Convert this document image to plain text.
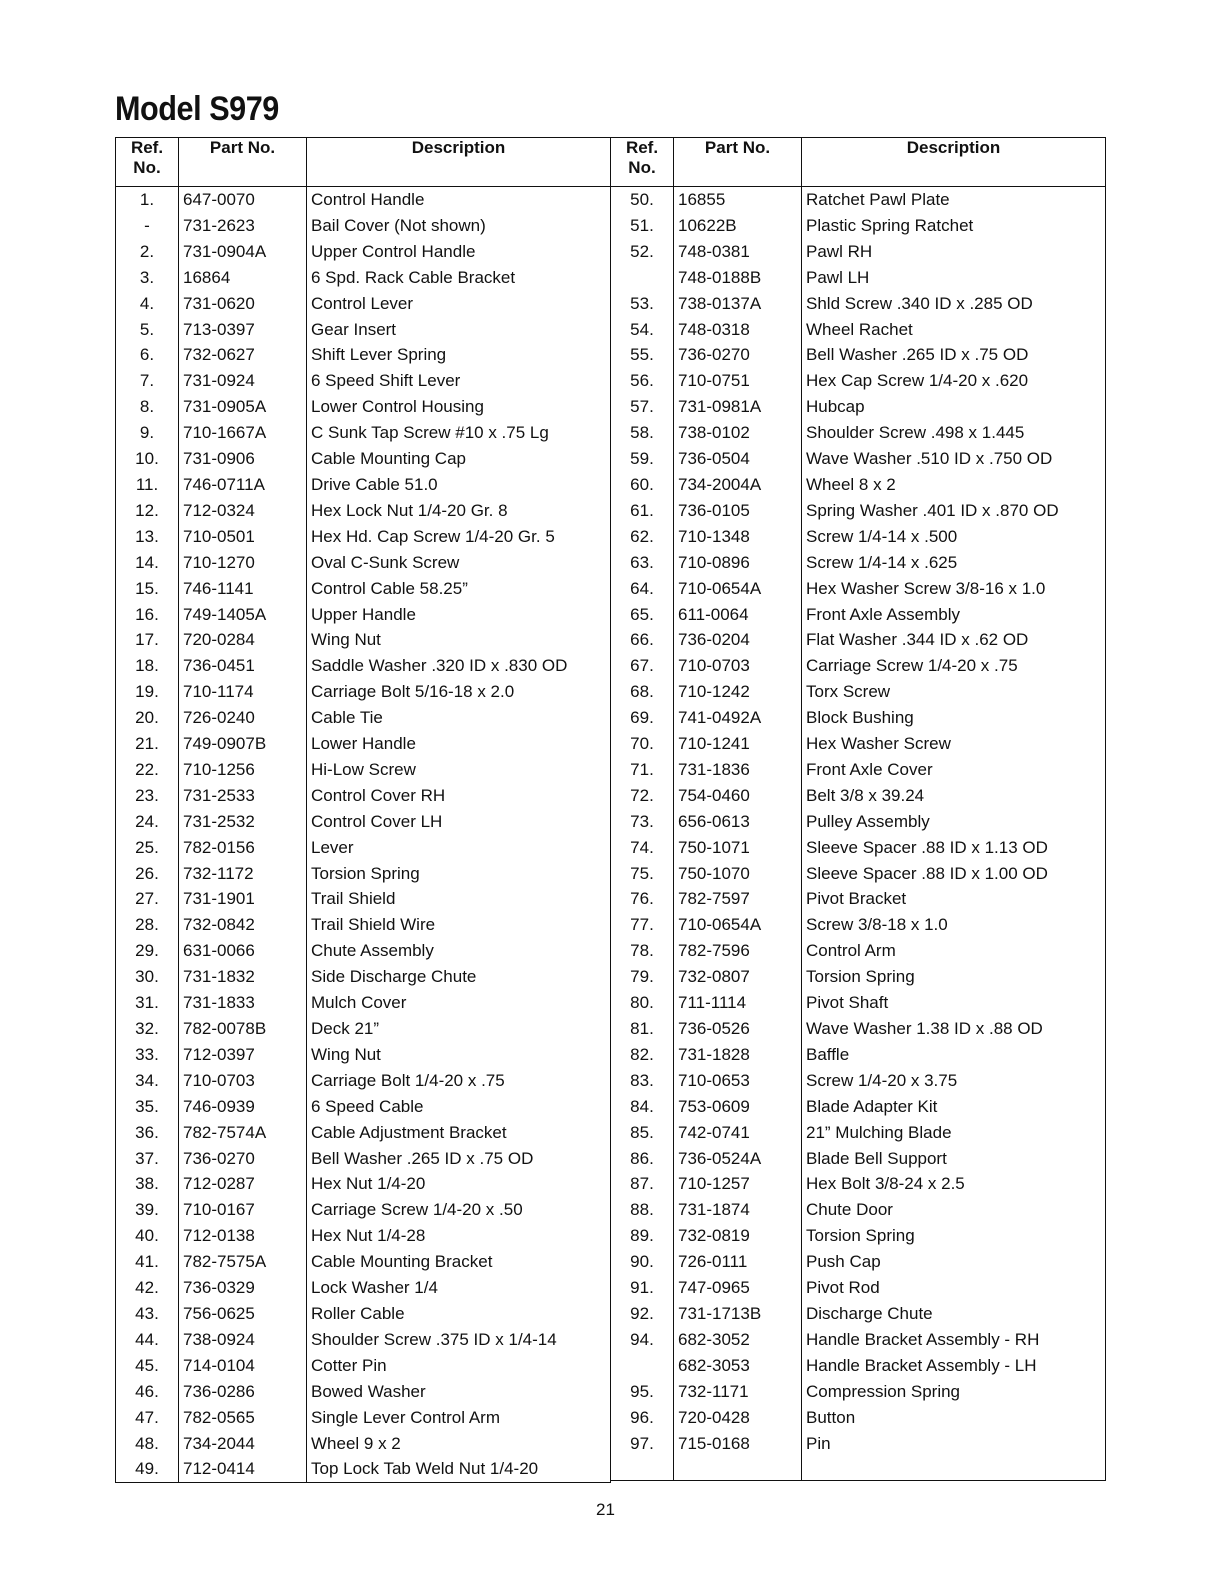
Model S979
Ref.
No.	Part No.	Description
1.	647-0070	Control Handle
-	731-2623	Bail Cover (Not shown)
2.	731-0904A	Upper Control Handle
3.	16864	6 Spd. Rack Cable Bracket
4.	731-0620	Control Lever
5.	713-0397	Gear Insert
6.	732-0627	Shift Lever Spring
7.	731-0924	6 Speed Shift Lever
8.	731-0905A	Lower Control Housing
9.	710-1667A	C Sunk Tap Screw #10 x .75 Lg
10.	731-0906	Cable Mounting Cap
11.	746-0711A	Drive Cable 51.0
12.	712-0324	Hex Lock Nut 1/4-20 Gr. 8
13.	710-0501	Hex Hd. Cap Screw 1/4-20 Gr. 5
14.	710-1270	Oval C-Sunk Screw
15.	746-1141	Control Cable 58.25”
16.	749-1405A	Upper Handle
17.	720-0284	Wing Nut
18.	736-0451	Saddle Washer .320 ID x .830 OD
19.	710-1174	Carriage Bolt 5/16-18 x 2.0
20.	726-0240	Cable Tie
21.	749-0907B	Lower Handle
22.	710-1256	Hi-Low Screw
23.	731-2533	Control Cover RH
24.	731-2532	Control Cover LH
25.	782-0156	Lever
26.	732-1172	Torsion Spring
27.	731-1901	Trail Shield
28.	732-0842	Trail Shield Wire
29.	631-0066	Chute Assembly
30.	731-1832	Side Discharge Chute
31.	731-1833	Mulch Cover
32.	782-0078B	Deck 21”
33.	712-0397	Wing Nut
34.	710-0703	Carriage Bolt 1/4-20 x .75
35.	746-0939	6 Speed Cable
36.	782-7574A	Cable Adjustment Bracket
37.	736-0270	Bell Washer .265 ID x .75 OD
38.	712-0287	Hex Nut 1/4-20
39.	710-0167	Carriage Screw 1/4-20 x .50
40.	712-0138	Hex Nut 1/4-28
41.	782-7575A	Cable Mounting Bracket
42.	736-0329	Lock Washer 1/4
43.	756-0625	Roller Cable
44.	738-0924	Shoulder Screw .375 ID x 1/4-14
45.	714-0104	Cotter Pin
46.	736-0286	Bowed Washer
47.	782-0565	Single Lever Control Arm
48.	734-2044	Wheel 9 x 2
49.	712-0414	Top Lock Tab Weld Nut 1/4-20

Ref.
No.	Part No.	Description
50.	16855	Ratchet Pawl Plate
51.	10622B	Plastic Spring Ratchet
52.	748-0381	Pawl RH
	748-0188B	Pawl LH
53.	738-0137A	Shld Screw .340 ID x .285 OD
54.	748-0318	Wheel Rachet
55.	736-0270	Bell Washer .265 ID x .75 OD
56.	710-0751	Hex Cap Screw 1/4-20 x .620
57.	731-0981A	Hubcap
58.	738-0102	Shoulder Screw .498 x 1.445
59.	736-0504	Wave Washer .510 ID x .750 OD
60.	734-2004A	Wheel 8 x 2
61.	736-0105	Spring Washer .401 ID x .870 OD
62.	710-1348	Screw 1/4-14 x .500
63.	710-0896	Screw 1/4-14 x .625
64.	710-0654A	Hex Washer Screw 3/8-16 x 1.0
65.	611-0064	Front Axle Assembly
66.	736-0204	Flat Washer .344 ID x .62 OD
67.	710-0703	Carriage Screw 1/4-20 x .75
68.	710-1242	Torx Screw
69.	741-0492A	Block Bushing
70.	710-1241	Hex Washer Screw
71.	731-1836	Front Axle Cover
72.	754-0460	Belt 3/8 x 39.24
73.	656-0613	Pulley Assembly
74.	750-1071	Sleeve Spacer .88 ID x 1.13 OD
75.	750-1070	Sleeve Spacer .88 ID x 1.00 OD
76.	782-7597	Pivot Bracket
77.	710-0654A	Screw 3/8-18 x 1.0
78.	782-7596	Control Arm
79.	732-0807	Torsion Spring
80.	711-1114	Pivot Shaft
81.	736-0526	Wave Washer 1.38 ID x .88 OD
82.	731-1828	Baffle
83.	710-0653	Screw 1/4-20 x 3.75
84.	753-0609	Blade Adapter Kit
85.	742-0741	21” Mulching Blade
86.	736-0524A	Blade Bell Support
87.	710-1257	Hex Bolt 3/8-24 x 2.5
88.	731-1874	Chute Door
89.	732-0819	Torsion Spring
90.	726-0111	Push Cap
91.	747-0965	Pivot Rod
92.	731-1713B	Discharge Chute
94.	682-3052	Handle Bracket Assembly - RH
	682-3053	Handle Bracket Assembly - LH
95.	732-1171	Compression Spring
96.	720-0428	Button
97.	715-0168	Pin

21
